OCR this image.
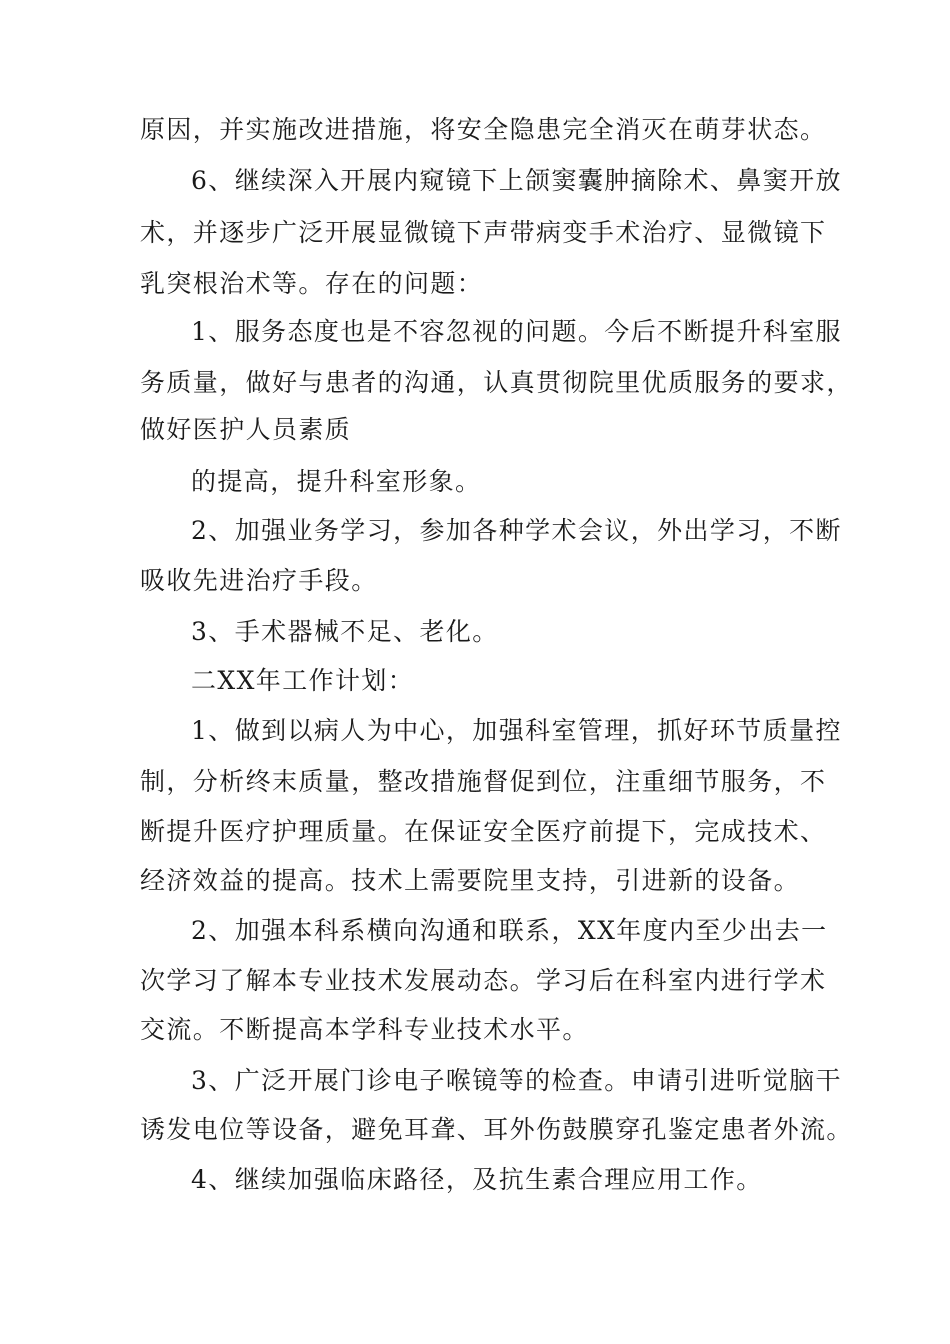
原因，并实施改进措施，将安全隐患完全消灭在萌芽状态。
6、继续深入开展内窥镜下上颌窦囊肿摘除术、鼻窦开放
术，并逐步广泛开展显微镜下声带病变手术治疗、显微镜下
乳突根治术等。存在的问题：
1、服务态度也是不容忽视的问题。今后不断提升科室服
务质量，做好与患者的沟通，认真贯彻院里优质服务的要求，
做好医护人员素质
的提高，提升科室形象。
2、加强业务学习，参加各种学术会议，外出学习，不断
吸收先进治疗手段。
3、手术器械不足、老化。
二XX年工作计划：
1、做到以病人为中心，加强科室管理，抓好环节质量控
制，分析终末质量，整改措施督促到位，注重细节服务，不
断提升医疗护理质量。在保证安全医疗前提下，完成技术、
经济效益的提高。技术上需要院里支持，引进新的设备。
2、加强本科系横向沟通和联系，XX年度内至少出去一
次学习了解本专业技术发展动态。学习后在科室内进行学术
交流。不断提高本学科专业技术水平。
3、广泛开展门诊电子喉镜等的检查。申请引进听觉脑干
诱发电位等设备，避免耳聋、耳外伤鼓膜穿孔鉴定患者外流。
4、继续加强临床路径，及抗生素合理应用工作。
